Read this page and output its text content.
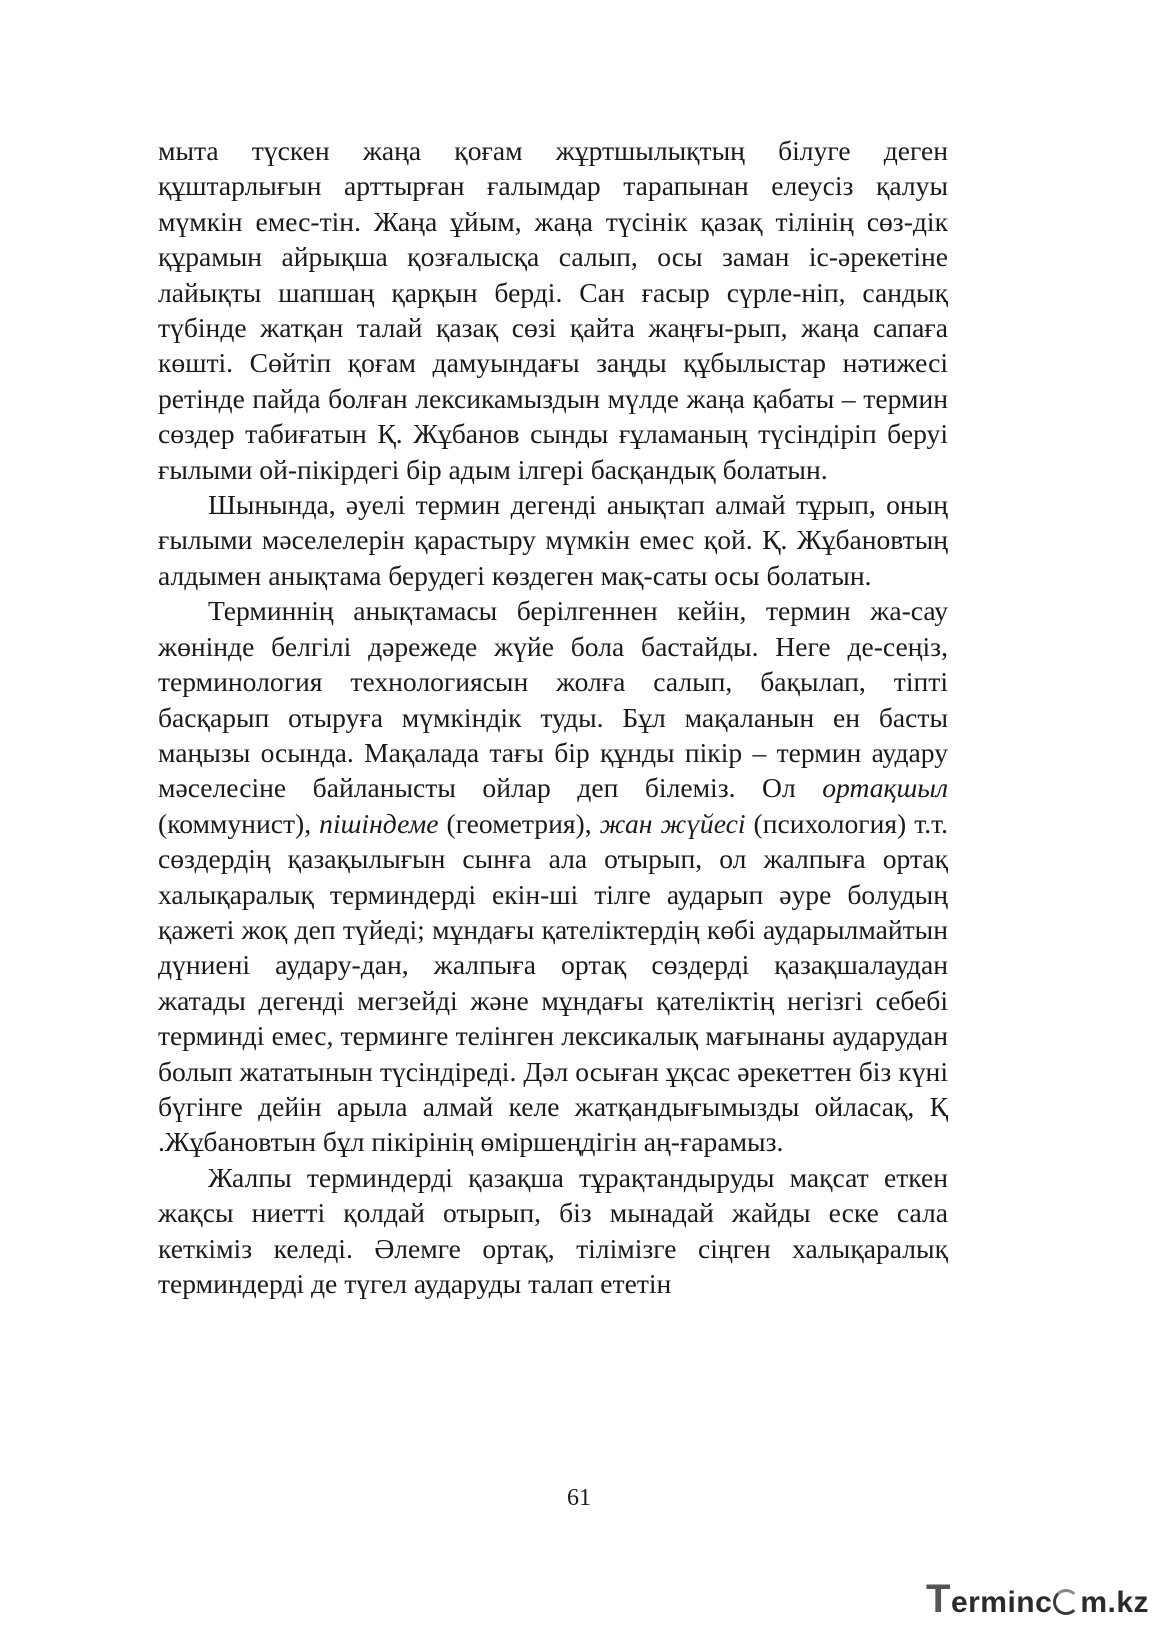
мыта түскен жаңа қоғам жұртшылықтың білуге деген құштарлығын арттырған ғалымдар тарапынан елеусіз қалуы мүмкін емес-тін. Жаңа ұйым, жаңа түсінік қазақ тілінің сөз-дік құрамын айрықша қозғалысқа салып, осы заман іс-әрекетіне лайықты шапшаң қарқын берді. Сан ғасыр сүрле-ніп, сандық түбінде жатқан талай қазақ сөзі қайта жаңғы-рып, жаңа сапаға көшті. Сөйтіп қоғам дамуындағы заңды құбылыстар нәтижесі ретінде пайда болған лексикамыздын мүлде жаңа қабаты – термин сөздер табиғатын Қ. Жұбанов сынды ғұламаның түсіндіріп беруі ғылыми ой-пікірдегі бір адым ілгері басқандық болатын.

Шынында, әуелі термин дегенді анықтап алмай тұрып, оның ғылыми мәселелерін қарастыру мүмкін емес қой. Қ. Жұбановтың алдымен анықтама берудегі көздеген мақ-саты осы болатын.

Терминнің анықтамасы берілгеннен кейін, термин жа-сау жөнінде белгілі дәрежеде жүйе бола бастайды. Неге де-сеңіз, терминология технологиясын жолға салып, бақылап, тіпті басқарып отыруға мүмкіндік туды. Бұл мақаланын ен басты маңызы осында. Мақалада тағы бір құнды пікір – термин аудару мәселесіне байланысты ойлар деп білеміз. Ол ортақшыл (коммунист), пішіндеме (геометрия), жан жүйесі (психология) т.т. сөздердің қазақылығын сынға ала отырып, ол жалпыға ортақ халықаралық терминдерді екін-ші тілге аударып әуре болудың қажеті жоқ деп түйеді; мұндағы қателіктердің көбі аударылмайтын дүниені аудару-дан, жалпыға ортақ сөздерді қазақшалаудан жатады дегенді мегзейді және мұндағы қателіктің негізгі себебі терминді емес, терминге телінген лексикалық мағынаны аударудан болып жататынын түсіндіреді. Дәл осыған ұқсас әрекеттен біз күні бүгінге дейін арыла алмай келе жатқандығымызды ойласақ, Қ .Жұбановтын бұл пікірінің өміршеңдігін аң-ғарамыз.

Жалпы терминдерді қазақша тұрақтандыруды мақсат еткен жақсы ниетті қолдай отырып, біз мынадай жайды еске сала кеткіміз келеді. Әлемге ортақ, тілімізге сіңген халықаралық терминдерді де түгел аударуды талап ететін

61
Terminc m.kz
